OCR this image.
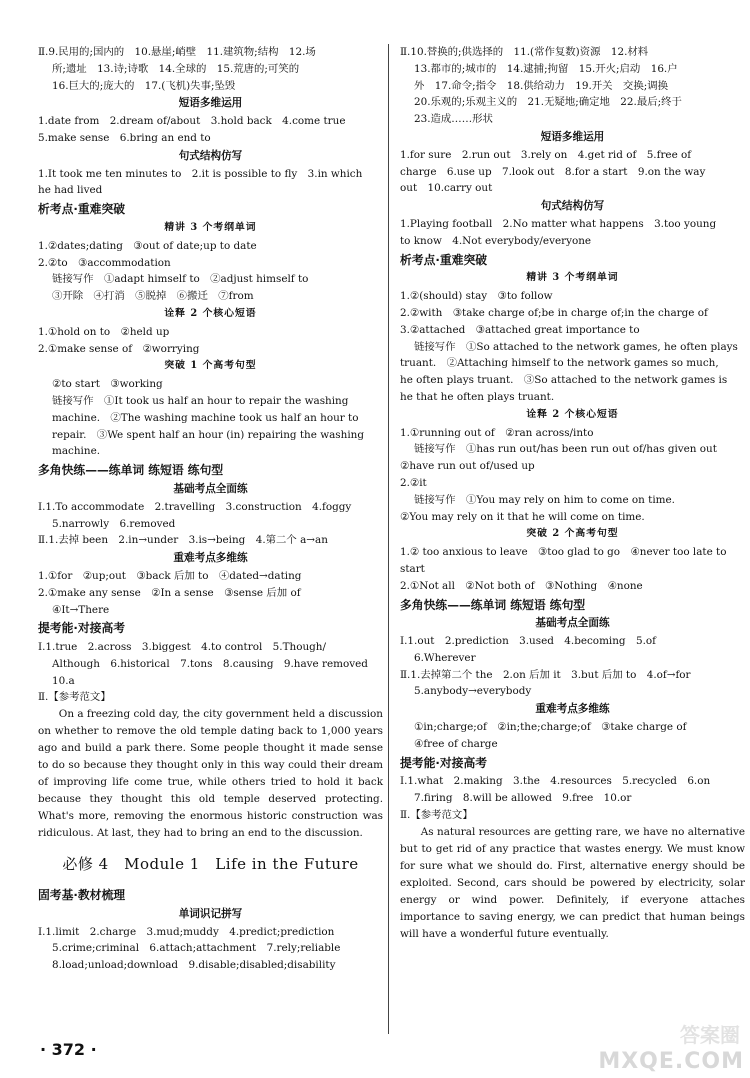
Ⅱ.9.民用的;国内的　10.悬崖;峭壁　11.建筑物;结构　12.场
所;遗址　13.诗;诗歌　14.全球的　15.荒唐的;可笑的
16.巨大的;庞大的　17.(飞机)失事;坠毁
短语多维运用
1.date from　2.dream of/about　3.hold back　4.come true
5.make sense　6.bring an end to
句式结构仿写
1.It took me ten minutes to　2.it is possible to fly　3.in which
he had lived
析考点·重难突破
精讲 3 个考纲单词
1.②dates;dating　③out of date;up to date
2.②to　③accommodation
链接写作　①adapt himself to　②adjust himself to
③开除　④打消　⑤脱掉　⑥搬迁　⑦from
诠释 2 个核心短语
1.①hold on to　②held up
2.①make sense of　②worrying
突破 1 个高考句型
②to start　③working
链接写作　①It took us half an hour to repair the washing
machine.　②The washing machine took us half an hour to
repair.　③We spent half an hour (in) repairing the washing
machine.
多角快练——练单词 练短语 练句型
基础考点全面练
Ⅰ.1.To accommodate　2.travelling　3.construction　4.foggy
5.narrowly　6.removed
Ⅱ.1.去掉 been　2.in→under　3.is→being　4.第二个 a→an
重难考点多维练
1.①for　②up;out　③back 后加 to　④dated→dating
2.①make any sense　②In a sense　③sense 后加 of
④It→There
提考能·对接高考
Ⅰ.1.true　2.across　3.biggest　4.to control　5.Though/
Although　6.historical　7.tons　8.causing　9.have removed
10.a
Ⅱ.【参考范文】
On a freezing cold day, the city government held a discussion on whether to remove the old temple dating back to 1,000 years ago and build a park there. Some people thought it made sense to do so because they thought only in this way could their dream of improving life come true, while others tried to hold it back because they thought this old temple deserved protecting. What's more, removing the enormous historic construction was ridiculous. At last, they had to bring an end to the discussion.
必修 4　Module 1　Life in the Future
固考基·教材梳理
单词识记拼写
Ⅰ.1.limit　2.charge　3.mud;muddy　4.predict;prediction
5.crime;criminal　6.attach;attachment　7.rely;reliable
8.load;unload;download　9.disable;disabled;disability
Ⅱ.10.替换的;供选择的　11.(常作复数)资源　12.材料
13.都市的;城市的　14.逮捕;拘留　15.开火;启动　16.户
外　17.命令;指令　18.供给动力　19.开关　交换;调换
20.乐观的;乐观主义的　21.无疑地;确定地　22.最后;终于
23.造成……形状
短语多维运用
1.for sure　2.run out　3.rely on　4.get rid of　5.free of
charge　6.use up　7.look out　8.for a start　9.on the way
out　10.carry out
句式结构仿写
1.Playing football　2.No matter what happens　3.too young
to know　4.Not everybody/everyone
析考点·重难突破
精讲 3 个考纲单词
1.②(should) stay　③to follow
2.②with　③take charge of;be in charge of;in the charge of
3.②attached　③attached great importance to
链接写作　①So attached to the network games, he often plays
truant.　②Attaching himself to the network games so much,
he often plays truant.　③So attached to the network games is
he that he often plays truant.
诠释 2 个核心短语
1.①running out of　②ran across/into
链接写作　①has run out/has been run out of/has given out
②have run out of/used up
2.②it
链接写作　①You may rely on him to come on time.
②You may rely on it that he will come on time.
突破 2 个高考句型
1.② too anxious to leave　③too glad to go　④never too late to
start
2.①Not all　②Not both of　③Nothing　④none
多角快练——练单词 练短语 练句型
基础考点全面练
Ⅰ.1.out　2.prediction　3.used　4.becoming　5.of
6.Wherever
Ⅱ.1.去掉第二个 the　2.on 后加 it　3.but 后加 to　4.of→for
5.anybody→everybody
重难考点多维练
①in;charge;of　②in;the;charge;of　③take charge of
④free of charge
提考能·对接高考
Ⅰ.1.what　2.making　3.the　4.resources　5.recycled　6.on
7.firing　8.will be allowed　9.free　10.or
Ⅱ.【参考范文】
As natural resources are getting rare, we have no alternative but to get rid of any practice that wastes energy. We must know for sure what we should do. First, alternative energy should be exploited. Second, cars should be powered by electricity, solar energy or wind power. Definitely, if everyone attaches importance to saving energy, we can predict that human beings will have a wonderful future eventually.
· 372 ·
答案圈
MXQE.COM
